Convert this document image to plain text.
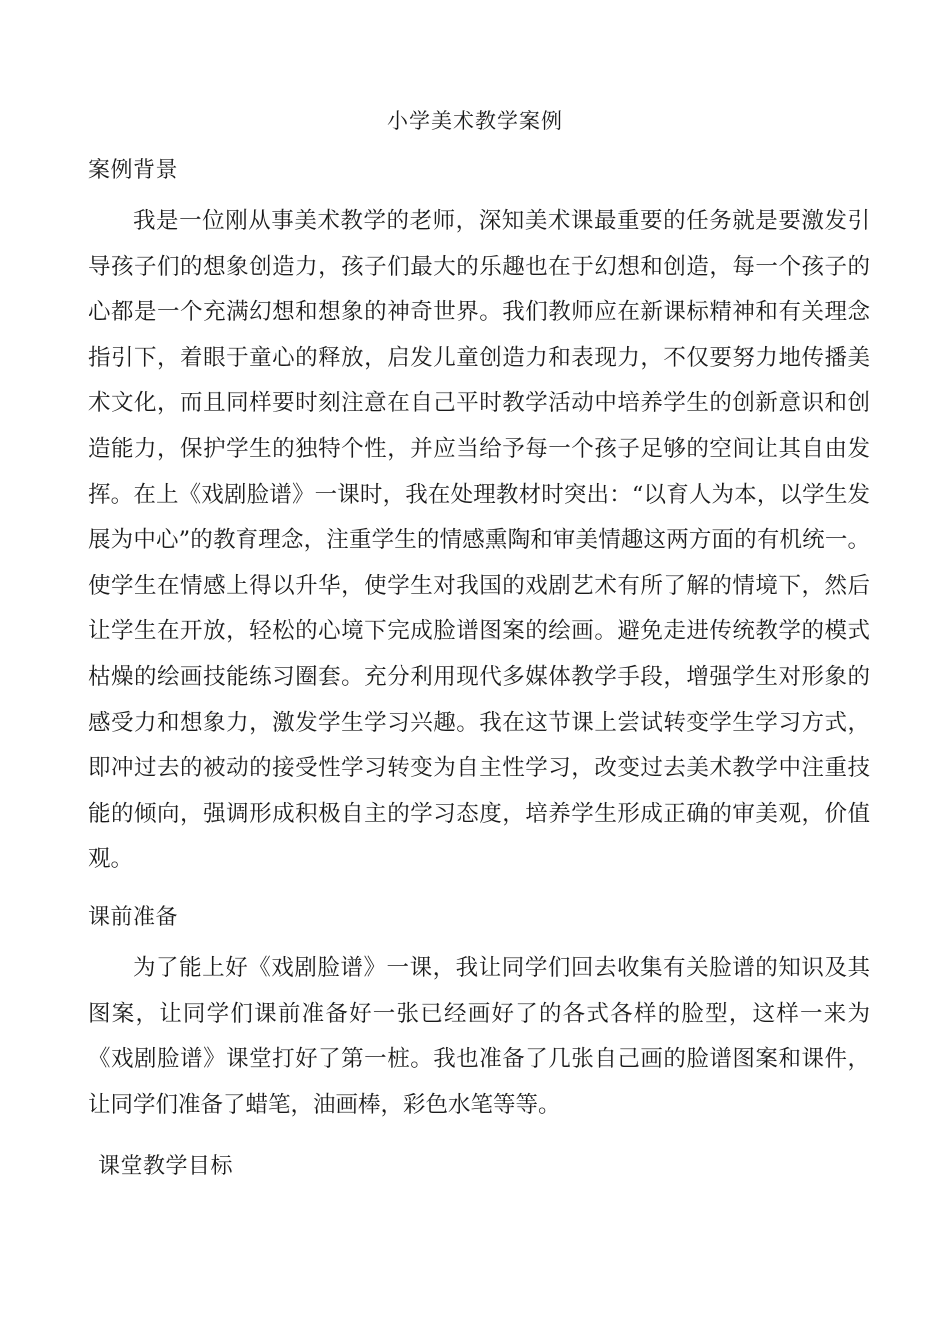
小学美术教学案例
案例背景

我是一位刚从事美术教学的老师，深知美术课最重要的任务就是要激发引导孩子们的想象创造力，孩子们最大的乐趣也在于幻想和创造，每一个孩子的心都是一个充满幻想和想象的神奇世界。我们教师应在新课标精神和有关理念指引下，着眼于童心的释放，启发儿童创造力和表现力，不仅要努力地传播美术文化，而且同样要时刻注意在自己平时教学活动中培养学生的创新意识和创造能力，保护学生的独特个性，并应当给予每一个孩子足够的空间让其自由发挥。在上《戏剧脸谱》一课时，我在处理教材时突出：“以育人为本，以学生发展为中心”的教育理念，注重学生的情感熏陶和审美情趣这两方面的有机统一。使学生在情感上得以升华，使学生对我国的戏剧艺术有所了解的情境下，然后让学生在开放，轻松的心境下完成脸谱图案的绘画。避免走进传统教学的模式枯燥的绘画技能练习圈套。充分利用现代多媒体教学手段，增强学生对形象的感受力和想象力，激发学生学习兴趣。我在这节课上尝试转变学生学习方式，即冲过去的被动的接受性学习转变为自主性学习，改变过去美术教学中注重技能的倾向，强调形成积极自主的学习态度，培养学生形成正确的审美观，价值观。

课前准备

为了能上好《戏剧脸谱》一课，我让同学们回去收集有关脸谱的知识及其图案，让同学们课前准备好一张已经画好了的各式各样的脸型，这样一来为《戏剧脸谱》课堂打好了第一桩。我也准备了几张自己画的脸谱图案和课件，让同学们准备了蜡笔，油画棒，彩色水笔等等。

课堂教学目标
